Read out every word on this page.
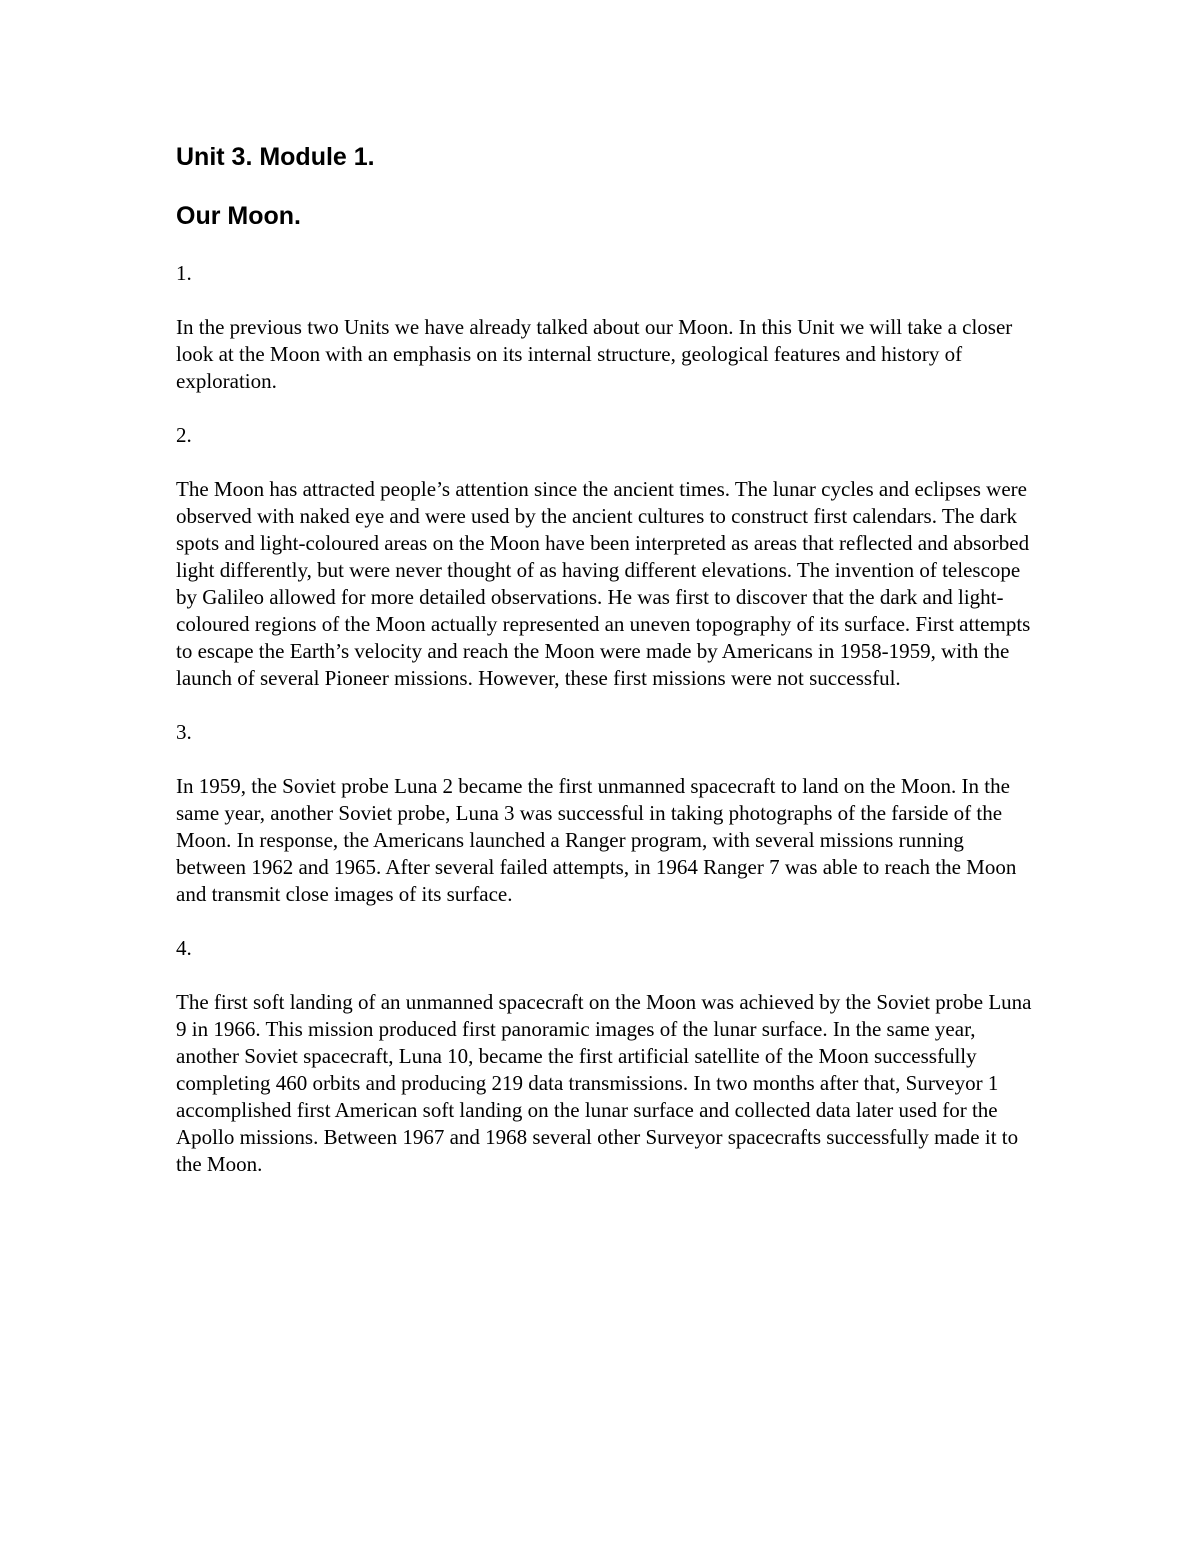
Unit 3. Module 1.
Our Moon.

1.

In the previous two Units we have already talked about our Moon. In this Unit we will take a closer look at the Moon with an emphasis on its internal structure, geological features and history of exploration.

2.

The Moon has attracted people’s attention since the ancient times. The lunar cycles and eclipses were observed with naked eye and were used by the ancient cultures to construct first calendars. The dark spots and light-coloured areas on the Moon have been interpreted as areas that reflected and absorbed light differently, but were never thought of as having different elevations. The invention of telescope by Galileo allowed for more detailed observations. He was first to discover that the dark and light-coloured regions of the Moon actually represented an uneven topography of its surface. First attempts to escape the Earth’s velocity and reach the Moon were made by Americans in 1958-1959, with the launch of several Pioneer missions. However, these first missions were not successful.

3.

In 1959, the Soviet probe Luna 2 became the first unmanned spacecraft to land on the Moon. In the same year, another Soviet probe, Luna 3 was successful in taking photographs of the farside of the Moon. In response, the Americans launched a Ranger program, with several missions running between 1962 and 1965. After several failed attempts, in 1964 Ranger 7 was able to reach the Moon and transmit close images of its surface.

4.

The first soft landing of an unmanned spacecraft on the Moon was achieved by the Soviet probe Luna 9 in 1966. This mission produced first panoramic images of the lunar surface. In the same year, another Soviet spacecraft, Luna 10, became the first artificial satellite of the Moon successfully completing 460 orbits and producing 219 data transmissions. In two months after that, Surveyor 1 accomplished first American soft landing on the lunar surface and collected data later used for the Apollo missions. Between 1967 and 1968 several other Surveyor spacecrafts successfully made it to the Moon.
